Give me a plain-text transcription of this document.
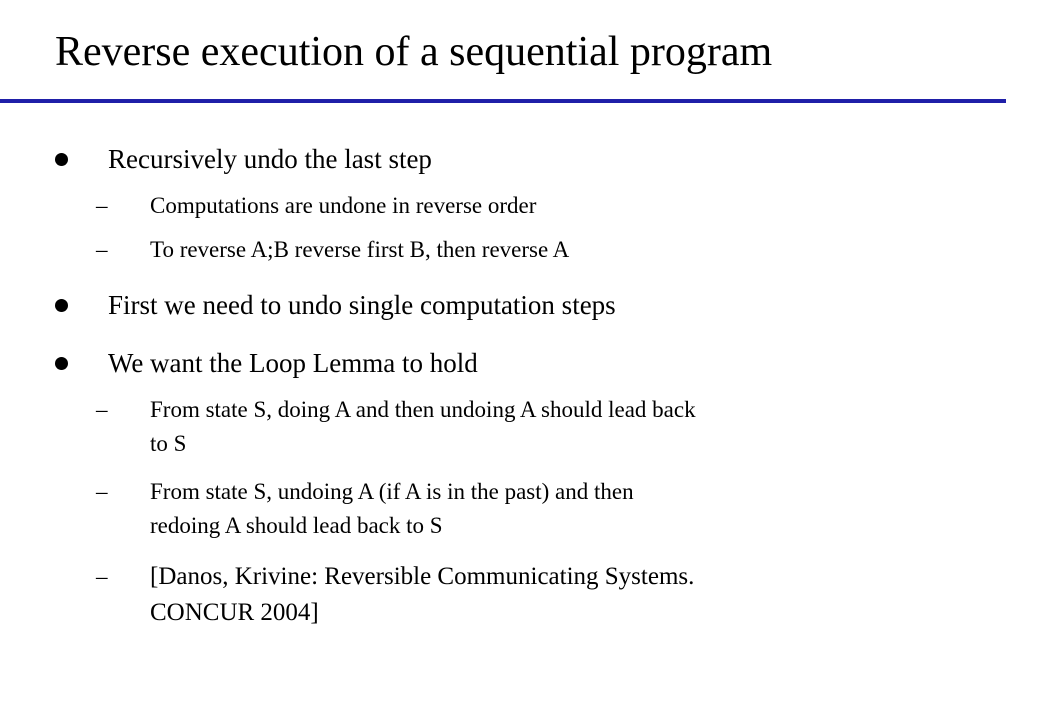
Reverse execution of a sequential program
Recursively undo the last step
– Computations are undone in reverse order
– To reverse A;B reverse first B, then reverse A
First we need to undo single computation steps
We want the Loop Lemma to hold
– From state S, doing A and then undoing A should lead back
to S
– From state S, undoing A (if A is in the past) and then
redoing A should lead back to S
– [Danos, Krivine: Reversible Communicating Systems.
CONCUR 2004]
